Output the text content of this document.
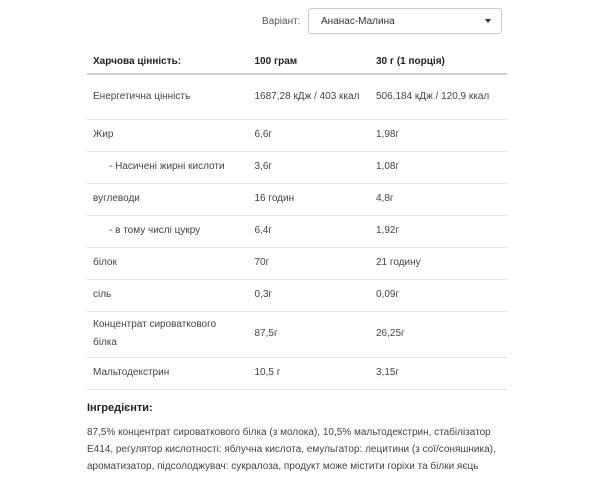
Варіант:	Ананас-Малина
Харчова цінність:	100 грам	30 г (1 порція)
Енергетична цінність	1687,28 кДж / 403 ккал	506,184 кДж / 120,9 ккал
Жир	6,6г	1,98г
- Насичені жирні кислоти	3,6г	1,08г
вуглеводи	16 годин	4,8г
- в тому числі цукру	6,4г	1,92г
білок	70г	21 годину
сіль	0,3г	0,09г
Концентрат сироваткового білка	87,5г	26,25г
Мальтодекстрин	10,5 г	3,15г
Інгредієнти:

87,5% концентрат сироваткового білка (з молока), 10,5% мальтодекстрин, стабілізатор E414, регулятор кислотності: яблучна кислота, емульгатор: лецитини (з сої/соняшника), ароматизатор, підсолоджувач: сукралоза, продукт може містити горіхи та білки яєць
